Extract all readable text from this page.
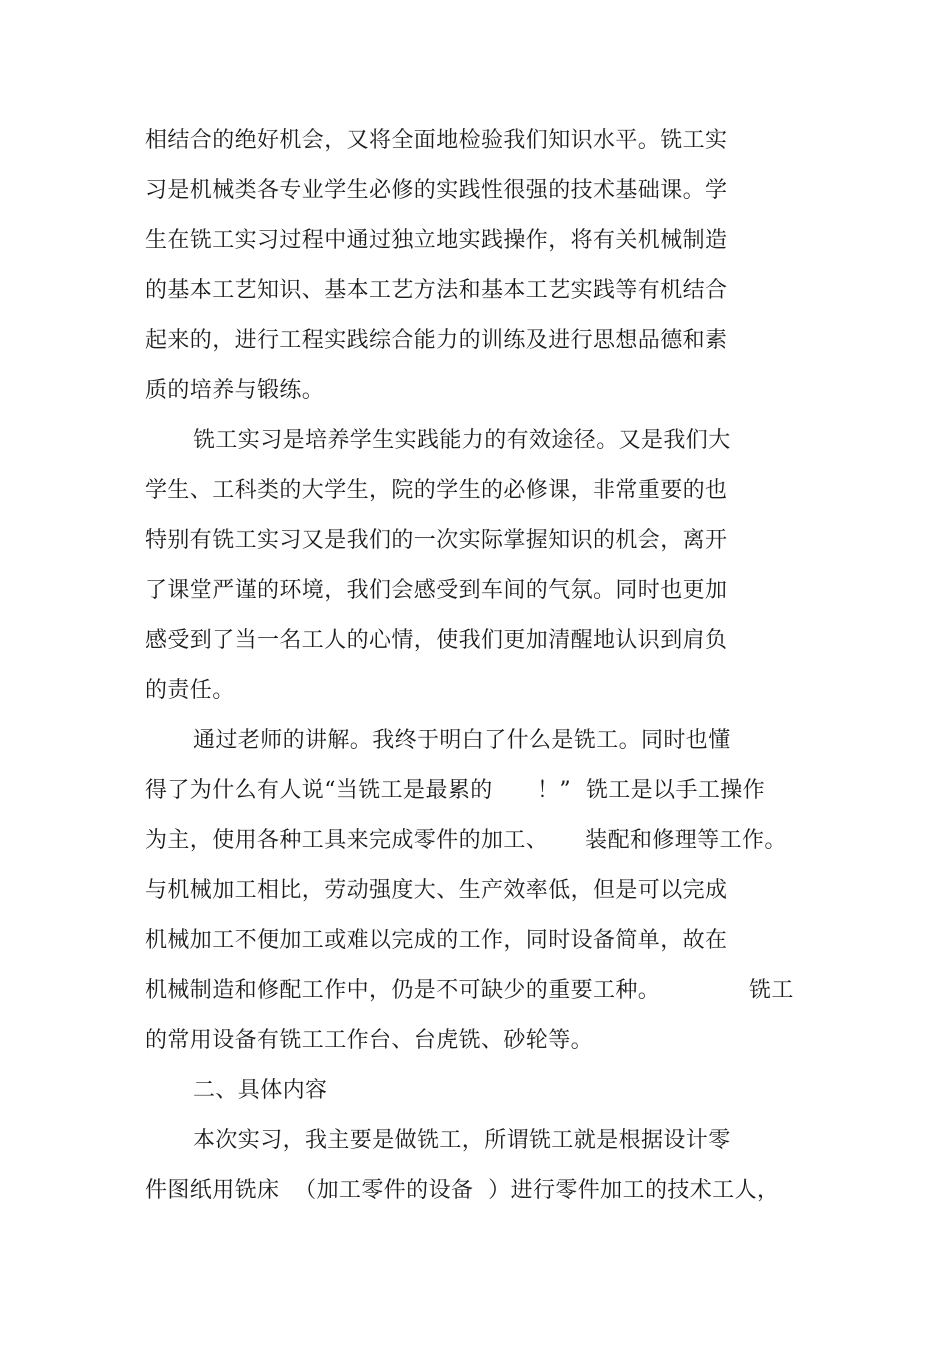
相结合的绝好机会，又将全面地检验我们知识水平。铣工实
习是机械类各专业学生必修的实践性很强的技术基础课。学
生在铣工实习过程中通过独立地实践操作，将有关机械制造
的基本工艺知识、基本工艺方法和基本工艺实践等有机结合
起来的，进行工程实践综合能力的训练及进行思想品德和素
质的培养与锻练。
铣工实习是培养学生实践能力的有效途径。又是我们大
学生、工科类的大学生，院的学生的必修课，非常重要的也
特别有铣工实习又是我们的一次实际掌握知识的机会，离开
了课堂严谨的环境，我们会感受到车间的气氛。同时也更加
感受到了当一名工人的心情，使我们更加清醒地认识到肩负
的责任。
通过老师的讲解。我终于明白了什么是铣工。同时也懂
得了为什么有人说“当铣工是最累的      ！”  铣工是以手工操作
为主，使用各种工具来完成零件的加工、     装配和修理等工作。
与机械加工相比，劳动强度大、生产效率低，但是可以完成
机械加工不便加工或难以完成的工作，同时设备简单，故在
机械制造和修配工作中，仍是不可缺少的重要工种。            铣工
的常用设备有铣工工作台、台虎铣、砂轮等。
二、具体内容
本次实习，我主要是做铣工，所谓铣工就是根据设计零
件图纸用铣床  （加工零件的设备  ）进行零件加工的技术工人，
